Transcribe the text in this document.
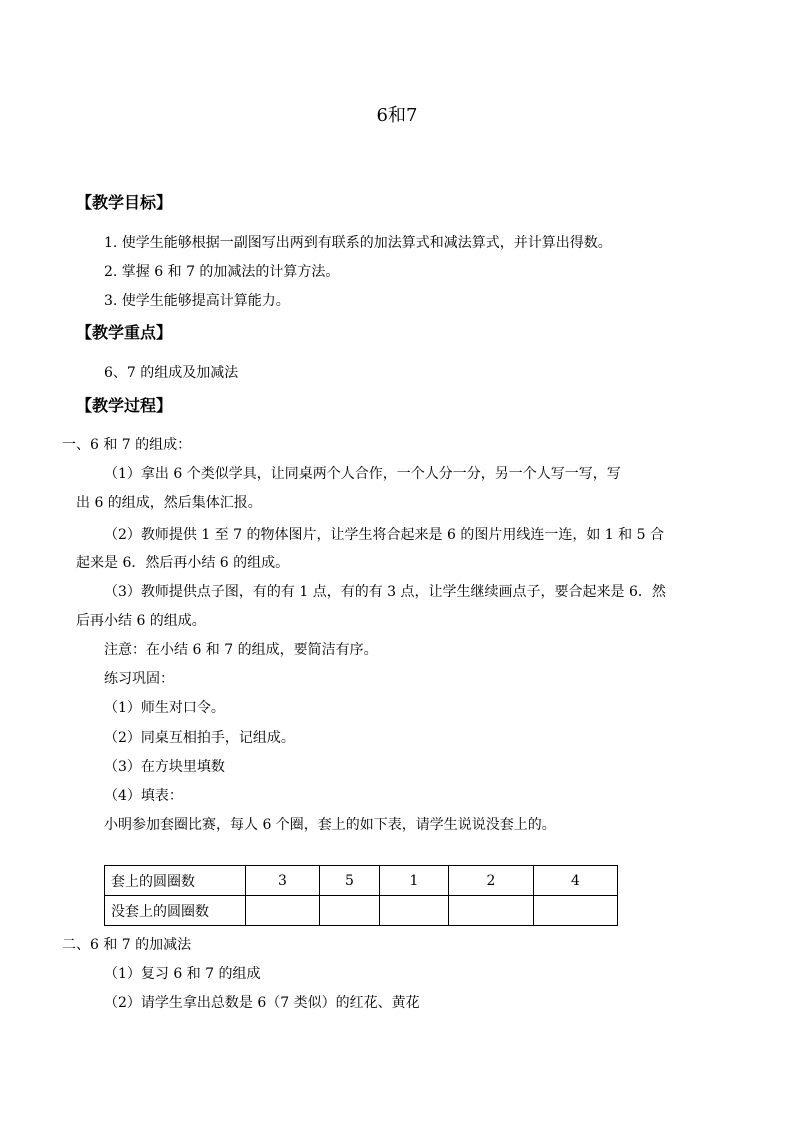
6和7
【教学目标】
1. 使学生能够根据一副图写出两到有联系的加法算式和减法算式，并计算出得数。
2. 掌握 6 和 7 的加减法的计算方法。
3. 使学生能够提高计算能力。
【教学重点】
6、7 的组成及加减法
【教学过程】
一、6 和 7 的组成：
（1）拿出 6 个类似学具，让同桌两个人合作，一个人分一分，另一个人写一写，写
出 6 的组成，然后集体汇报。
（2）教师提供 1 至 7 的物体图片，让学生将合起来是 6 的图片用线连一连，如 1 和 5 合
起来是 6．然后再小结 6 的组成。
（3）教师提供点子图，有的有 1 点，有的有 3 点，让学生继续画点子，要合起来是 6．然
后再小结 6 的组成。
注意：在小结 6 和 7 的组成，要简洁有序。
练习巩固：
（1）师生对口令。
（2）同桌互相拍手，记组成。
（3）在方块里填数
（4）填表：
小明参加套圈比赛，每人 6 个圈，套上的如下表，请学生说说没套上的。
套上的圆圈数	3	5	1	2	4
没套上的圆圈数					
二、6 和 7 的加减法
（1）复习 6 和 7 的组成
（2）请学生拿出总数是 6（7 类似）的红花、黄花
